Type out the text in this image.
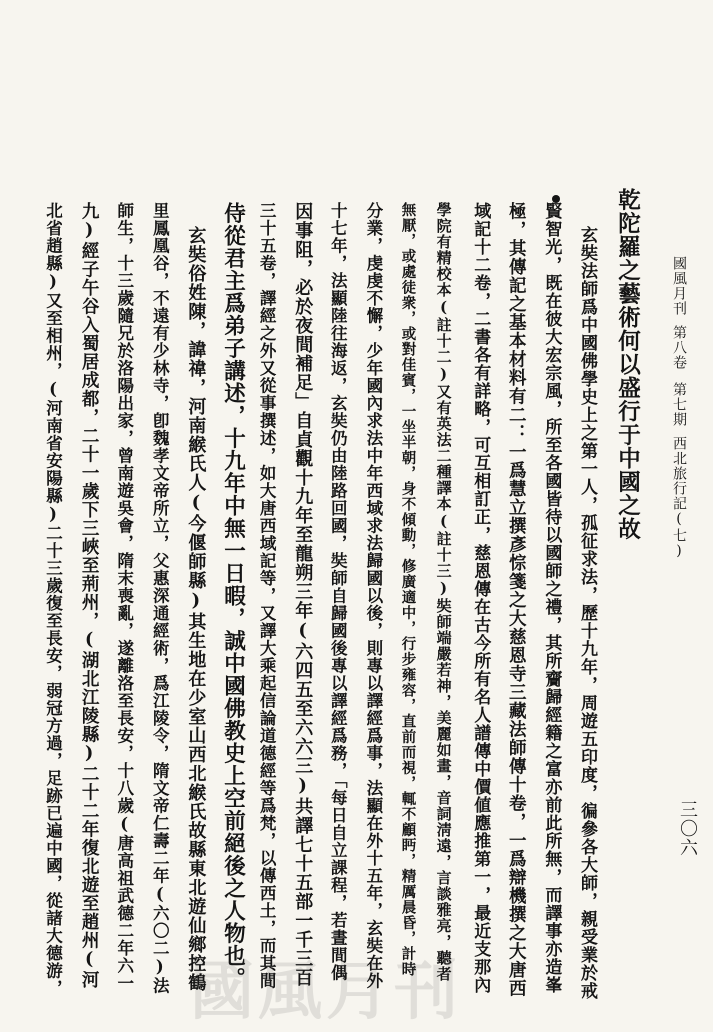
國風月刊
第八卷
第七期
西北旅行記(七)
三〇六
乾陀羅之藝術何以盛行于中國之故
玄奘法師爲中國佛學史上之第一人，孤征求法，歷十九年，周遊五印度，徧參各大師，親受業於戒
賢智光，既在彼大宏宗風，所至各國皆待以國師之禮，其所齎歸經籍之富亦前此所無，而譯事亦造峯
極，其傳記之基本材料有二：一爲慧立撰彥悰箋之大慈恩寺三藏法師傳十卷，一爲辯機撰之大唐西
域記十二卷，二書各有詳略，可互相訂正，慈恩傳在古今所有名人譜傳中價値應推第一，最近支那內
學院有精校本(註十二)又有英法二種譯本(註十三)奘師端嚴若神，美麗如畫，音詞淸遠，言談雅亮，聽者
無厭，或處徒衆，或對佳賓，一坐半朝，身不傾動，修廣適中，行步雍容，直前而視，輒不顧眄，精厲晨昏，計時
分業，虔虔不懈，少年國內求法中年西域求法歸國以後，則專以譯經爲事，法顯在外十五年，玄奘在外
十七年，法顯陸往海返，玄奘仍由陸路回國，奘師自歸國後專以譯經爲務，「每日自立課程，若晝間偶
因事阻，必於夜間補足」自貞觀十九年至龍朔三年(六四五至六六三)共譯七十五部一千三百
三十五卷，譯經之外又從事撰述，如大唐西域記等，又譯大乘起信論道德經等爲梵，以傳西土，而其間
侍從君主爲弟子講述，十九年中無一日暇，誠中國佛教史上空前絕後之人物也。
玄奘俗姓陳，諱禕，河南緱氏人(今偃師縣)其生地在少室山西北緱氏故縣東北遊仙鄉控鶴
里鳳凰谷，不遠有少林寺，卽魏孝文帝所立，父惠深通經術，爲江陵令，隋文帝仁壽二年(六〇二)法
師生，十三歲隨兄於洛陽出家，曾南遊吳會，隋末喪亂，遂離洛至長安，十八歲(唐高祖武德二年六一
九)經子午谷入蜀居成都，二十一歲下三峽至荊州，(湖北江陵縣)二十二年復北遊至趙州(河
北省趙縣)又至相州，(河南省安陽縣)二十三歲復至長安，弱冠方過，足跡已遍中國，從諸大德游， 國風月刊
